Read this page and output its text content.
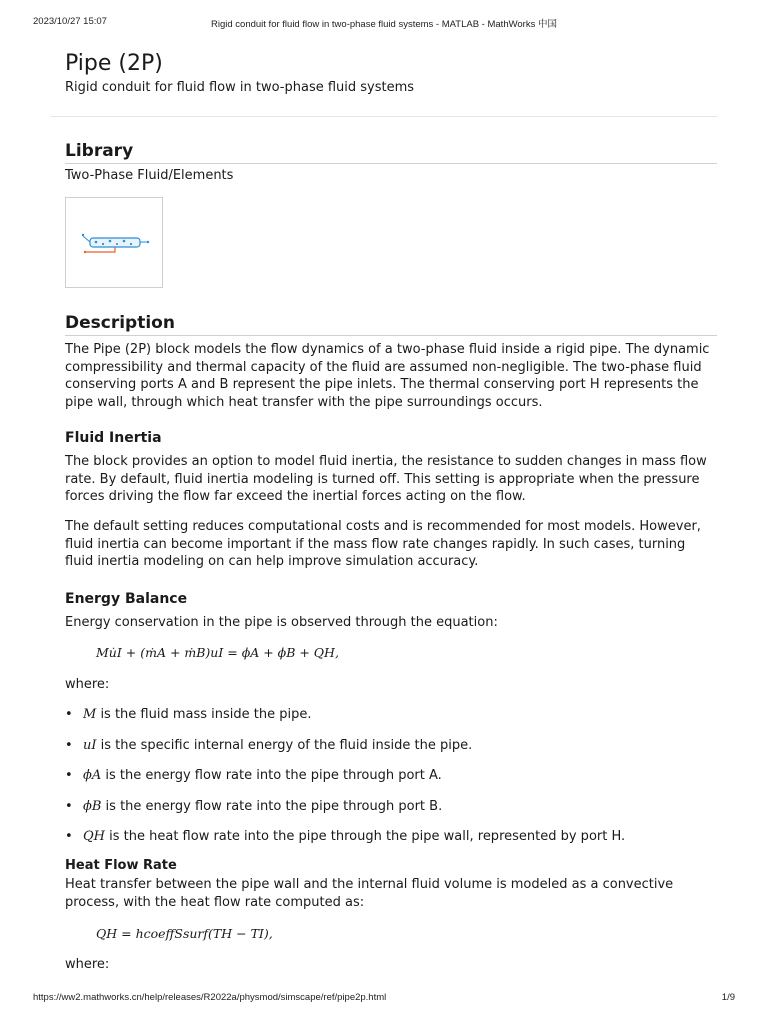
2023/10/27 15:07	Rigid conduit for fluid flow in two-phase fluid systems - MATLAB - MathWorks 中国
Pipe (2P)
Rigid conduit for fluid flow in two-phase fluid systems
Library
Two-Phase Fluid/Elements
Description

The Pipe (2P) block models the flow dynamics of a two-phase fluid inside a rigid pipe. The dynamic compressibility and thermal capacity of the fluid are assumed non-negligible. The two-phase fluid conserving ports A and B represent the pipe inlets. The thermal conserving port H represents the pipe wall, through which heat transfer with the pipe surroundings occurs.

Fluid Inertia

The block provides an option to model fluid inertia, the resistance to sudden changes in mass flow rate. By default, fluid inertia modeling is turned off. This setting is appropriate when the pressure forces driving the flow far exceed the inertial forces acting on the flow.

The default setting reduces computational costs and is recommended for most models. However, fluid inertia can become important if the mass flow rate changes rapidly. In such cases, turning fluid inertia modeling on can help improve simulation accuracy.

Energy Balance

Energy conservation in the pipe is observed through the equation:

Mu̇I + (ṁA + ṁB)uI = ϕA + ϕB + QH,

where:

• M is the fluid mass inside the pipe.
• uI is the specific internal energy of the fluid inside the pipe.
• ϕA is the energy flow rate into the pipe through port A.
• ϕB is the energy flow rate into the pipe through port B.
• QH is the heat flow rate into the pipe through the pipe wall, represented by port H.
Heat Flow Rate

Heat transfer between the pipe wall and the internal fluid volume is modeled as a convective process, with the heat flow rate computed as:

QH = hcoeffSsurf(TH − TI),

where:

https://ww2.mathworks.cn/help/releases/R2022a/physmod/simscape/ref/pipe2p.html	1/9
